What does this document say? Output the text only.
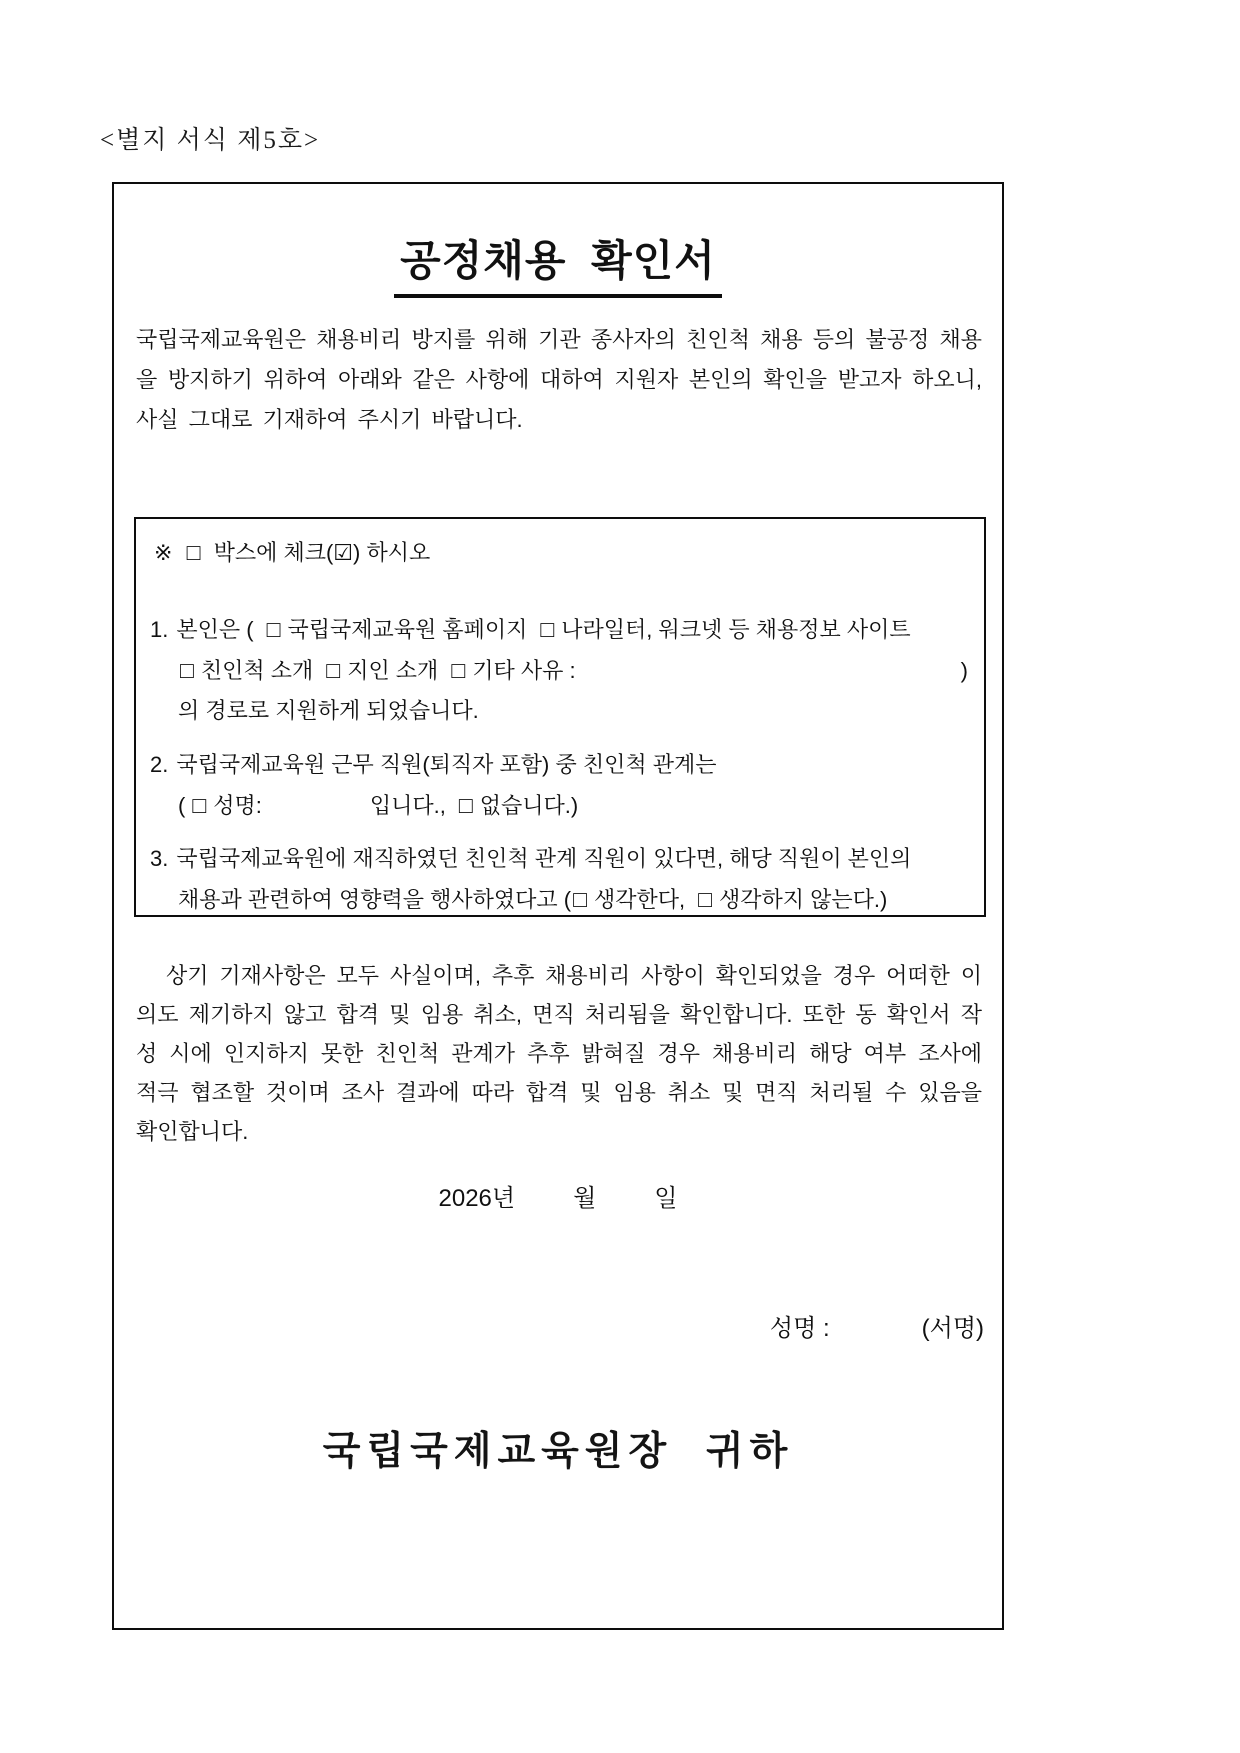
<별지 서식 제5호>
공정채용 확인서
국립국제교육원은 채용비리 방지를 위해 기관 종사자의 친인척 채용 등의 불공정 채용을 방지하기 위하여 아래와 같은 사항에 대하여 지원자 본인의 확인을 받고자 하오니, 사실 그대로 기재하여 주시기 바랍니다.
※ □ 박스에 체크(☑) 하시오
1. 본인은 ( □ 국립국제교육원 홈페이지 □ 나라일터, 워크넷 등 채용정보 사이트
□ 친인척 소개 □ 지인 소개 □ 기타 사유 :	)
의 경로로 지원하게 되었습니다.
2. 국립국제교육원 근무 직원(퇴직자 포함) 중 친인척 관계는
( □ 성명:	입니다., □ 없습니다.)
3. 국립국제교육원에 재직하였던 친인척 관계 직원이 있다면, 해당 직원이 본인의
채용과 관련하여 영향력을 행사하였다고 (□ 생각한다, □ 생각하지 않는다.)
상기 기재사항은 모두 사실이며, 추후 채용비리 사항이 확인되었을 경우 어떠한 이의도 제기하지 않고 합격 및 임용 취소, 면직 처리됨을 확인합니다. 또한 동 확인서 작성 시에 인지하지 못한 친인척 관계가 추후 밝혀질 경우 채용비리 해당 여부 조사에 적극 협조할 것이며 조사 결과에 따라 합격 및 임용 취소 및 면직 처리될 수 있음을 확인합니다.
2026년 월 일
성명 :	(서명)
국립국제교육원장 귀하
